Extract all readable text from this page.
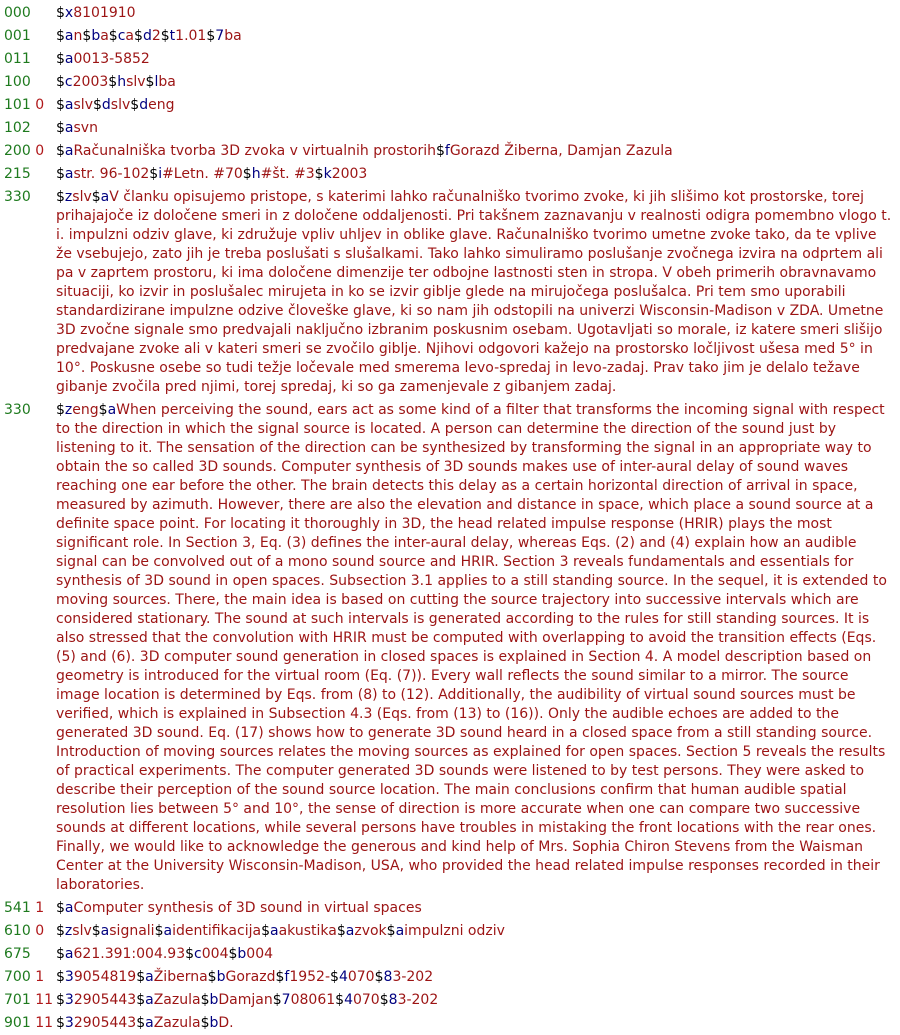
000	$x8101910
001	$an$ba$ca$d2$t1.01$7ba
011	$a0013-5852
100	$c2003$hslv$lba
101 0 $aslv$dslv$deng
102	$asvn
200 0 $aRačunalniška tvorba 3D zvoka v virtualnih prostorih$fGorazd Žiberna, Damjan Zazula
215	$astr. 96-102$i#Letn. #70$h#št. #3$k2003
330	$zslv$aV članku opisujemo pristope, s katerimi lahko računalniško tvorimo zvoke, ki jih slišimo kot prostorske, torej prihajajoče iz določene smeri in z določene oddaljenosti. Pri takšnem zaznavanju v realnosti odigra pomembno vlogo t. i. impulzni odziv glave, ki združuje vpliv uhljev in oblike glave. Računalniško tvorimo umetne zvoke tako, da te vplive že vsebujejo, zato jih je treba poslušati s slušalkami. Tako lahko simuliramo poslušanje zvočnega izvira na odprtem ali pa v zaprtem prostoru, ki ima določene dimenzije ter odbojne lastnosti sten in stropa. V obeh primerih obravnavamo situaciji, ko izvir in poslušalec mirujeta in ko se izvir giblje glede na mirujočega poslušalca. Pri tem smo uporabili standardizirane impulzne odzive človeške glave, ki so nam jih odstopili na univerzi Wisconsin-Madison v ZDA. Umetne 3D zvočne signale smo predvajali naključno izbranim poskusnim osebam. Ugotavljati so morale, iz katere smeri slišijo predvajane zvoke ali v kateri smeri se zvočilo giblje. Njihovi odgovori kažejo na prostorsko ločljivost ušesa med 5° in 10°. Poskusne osebe so tudi težje ločevale med smerema levo-spredaj in levo-zadaj. Prav tako jim je delalo težave gibanje zvočila pred njimi, torej spredaj, ki so ga zamenjevale z gibanjem zadaj.
330	$zeng$aWhen perceiving the sound, ears act as some kind of a filter that transforms the incoming signal with respect to the direction in which the signal source is located. A person can determine the direction of the sound just by listening to it. The sensation of the direction can be synthesized by transforming the signal in an appropriate way to obtain the so called 3D sounds. Computer synthesis of 3D sounds makes use of inter-aural delay of sound waves reaching one ear before the other. The brain detects this delay as a certain horizontal direction of arrival in space, measured by azimuth. However, there are also the elevation and distance in space, which place a sound source at a definite space point. For locating it thoroughly in 3D, the head related impulse response (HRIR) plays the most significant role. In Section 3, Eq. (3) defines the inter-aural delay, whereas Eqs. (2) and (4) explain how an audible signal can be convolved out of a mono sound source and HRIR. Section 3 reveals fundamentals and essentials for synthesis of 3D sound in open spaces. Subsection 3.1 applies to a still standing source. In the sequel, it is extended to moving sources. There, the main idea is based on cutting the source trajectory into successive intervals which are considered stationary. The sound at such intervals is generated according to the rules for still standing sources. It is also stressed that the convolution with HRIR must be computed with overlapping to avoid the transition effects (Eqs. (5) and (6). 3D computer sound generation in closed spaces is explained in Section 4. A model description based on geometry is introduced for the virtual room (Eq. (7)). Every wall reflects the sound similar to a mirror. The source image location is determined by Eqs. from (8) to (12). Additionally, the audibility of virtual sound sources must be verified, which is explained in Subsection 4.3 (Eqs. from (13) to (16)). Only the audible echoes are added to the generated 3D sound. Eq. (17) shows how to generate 3D sound heard in a closed space from a still standing source. Introduction of moving sources relates the moving sources as explained for open spaces. Section 5 reveals the results of practical experiments. The computer generated 3D sounds were listened to by test persons. They were asked to describe their perception of the sound source location. The main conclusions confirm that human audible spatial resolution lies between 5° and 10°, the sense of direction is more accurate when one can compare two successive sounds at different locations, while several persons have troubles in mistaking the front locations with the rear ones. Finally, we would like to acknowledge the generous and kind help of Mrs. Sophia Chiron Stevens from the Waisman Center at the University Wisconsin-Madison, USA, who provided the head related impulse responses recorded in their laboratories.
541 1 $aComputer synthesis of 3D sound in virtual spaces
610 0 $zslv$asignali$aidentifikacija$aakustika$azvok$aimpulzni odziv
675	$a621.391:004.93$c004$b004
700 1 $39054819$aŽiberna$bGorazd$f1952-$4070$83-202
701 11 $32905443$aZazula$bDamjan$708061$4070$83-202
901 11 $32905443$aZazula$bD.
